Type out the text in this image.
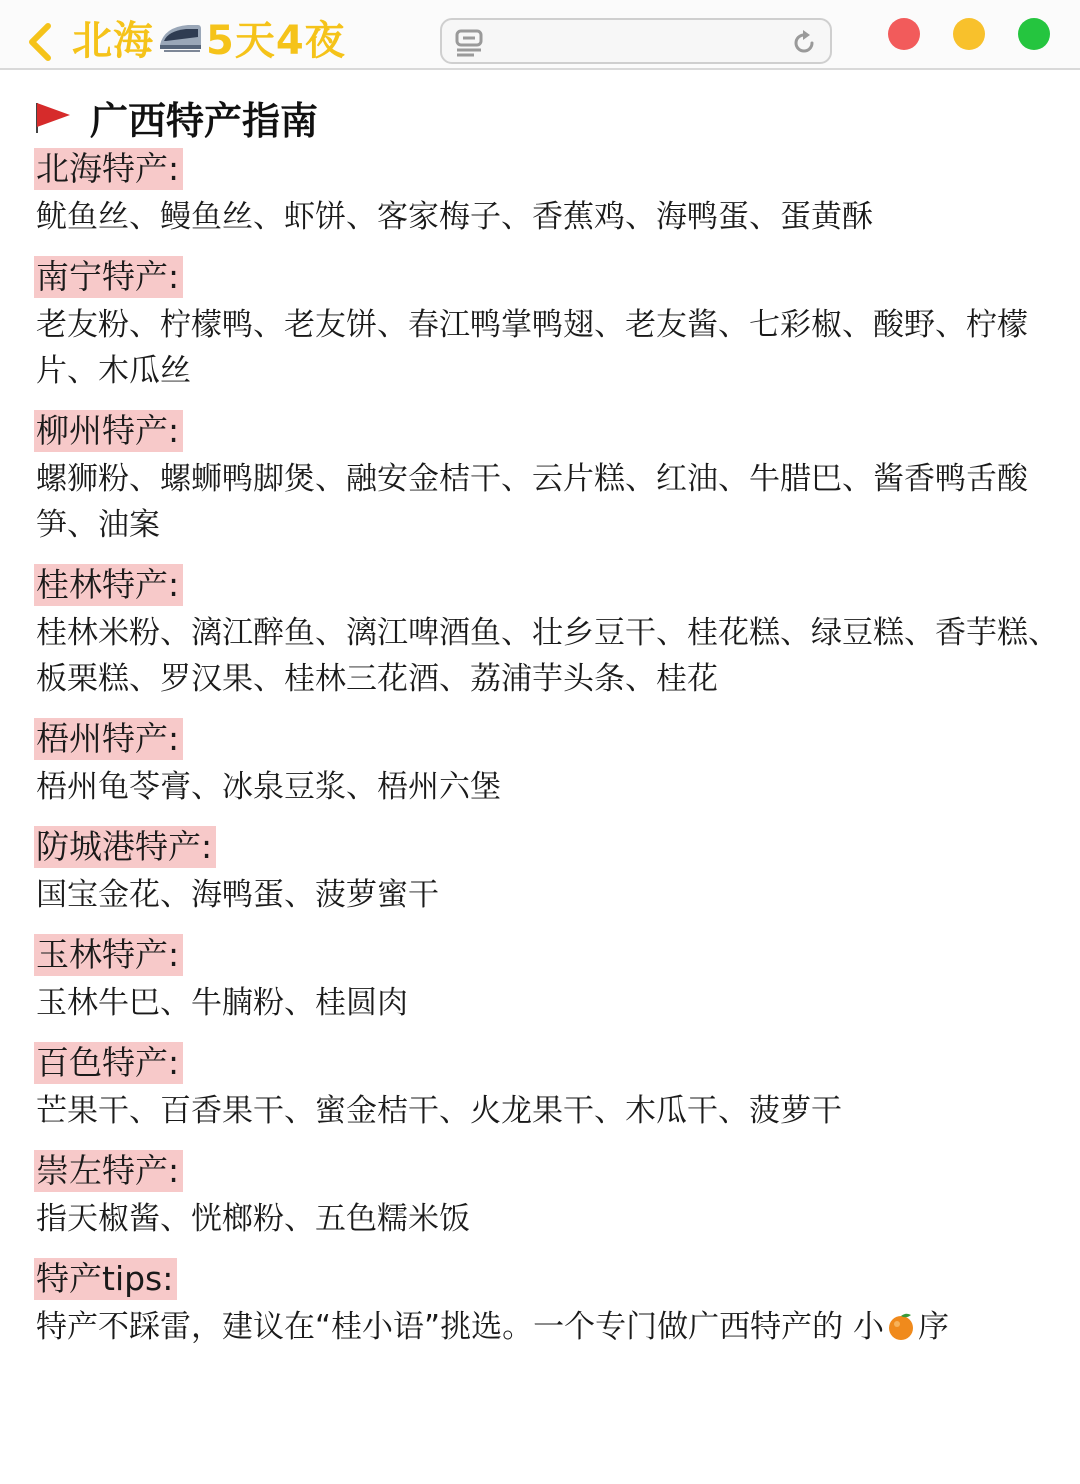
北海 5天4夜
广西特产指南
北海特产:
鱿鱼丝、鳗鱼丝、虾饼、客家梅子、香蕉鸡、海鸭蛋、蛋黄酥
南宁特产:
老友粉、柠檬鸭、老友饼、春江鸭掌鸭翅、老友酱、七彩椒、酸野、柠檬片、木瓜丝
柳州特产:
螺狮粉、螺蛳鸭脚煲、融安金桔干、云片糕、红油、牛腊巴、酱香鸭舌酸笋、油案
桂林特产:
桂林米粉、漓江醉鱼、漓江啤酒鱼、壮乡豆干、桂花糕、绿豆糕、香芋糕、板栗糕、罗汉果、桂林三花酒、荔浦芋头条、桂花
梧州特产:
梧州龟苓膏、冰泉豆浆、梧州六堡
防城港特产:
国宝金花、海鸭蛋、菠萝蜜干
玉林特产:
玉林牛巴、牛腩粉、桂圆肉
百色特产:
芒果干、百香果干、蜜金桔干、火龙果干、木瓜干、菠萝干
崇左特产:
指天椒酱、恍榔粉、五色糯米饭
特产tips:
特产不踩雷，建议在“桂小语”挑选。一个专门做广西特产的 小 序
